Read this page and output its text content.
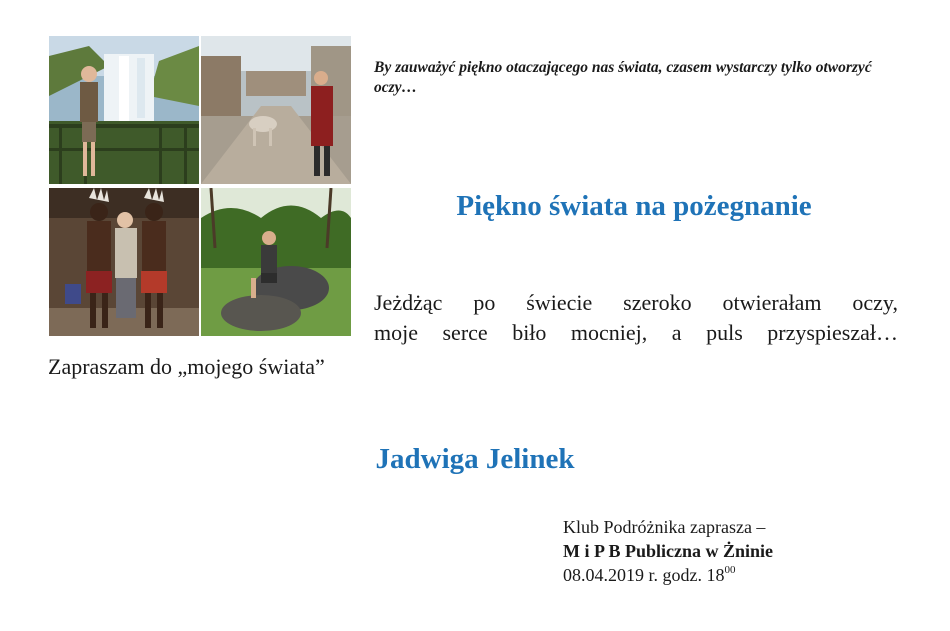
By zauważyć piękno otaczającego nas świata, czasem wystarczy tylko otworzyć oczy…

Piękno świata na pożegnanie

Jeżdżąc po świecie szeroko otwierałam oczy,
moje serce biło mocniej, a puls przyspieszał…

Zapraszam do „mojego świata”

Jadwiga Jelinek
Klub Podróżnika zaprasza –
M i P B Publiczna w Żninie
08.04.2019 r. godz. $18^{00}$
